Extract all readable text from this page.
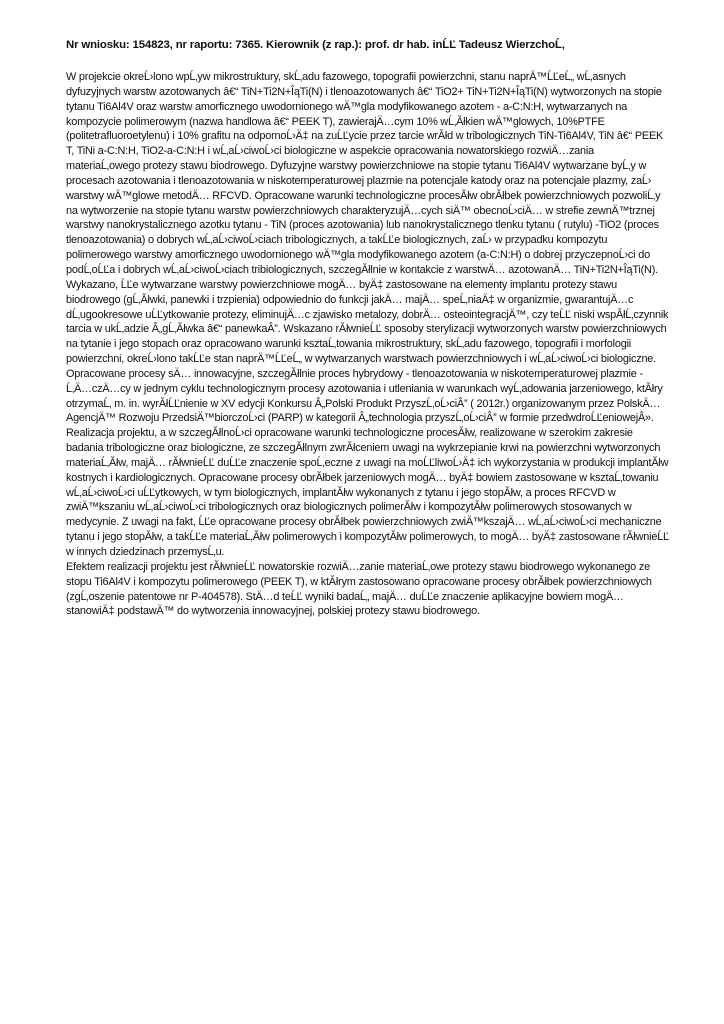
Nr wniosku: 154823, nr raportu: 7365. Kierownik (z rap.): prof. dr hab. inĹĽ Tadeusz WierzchoĹ‚

W projekcie okreĹ›lono wpĹ‚yw mikrostruktury, skĹ‚adu fazowego, topografii powierzchni, stanu naprÄ™ĹĽeĹ„ wĹ‚asnych dyfuzyjnych warstw azotowanych â€“ TiN+Ti2N+ÎąTi(N) i tlenoazotowanych â€“ TiO2+ TiN+Ti2N+ÎąTi(N) wytworzonych na stopie tytanu Ti6Al4V oraz warstw amorficznego uwodornionego wÄ™gla modyfikowanego azotem - a-C:N:H, wytwarzanych na kompozycie polimerowym (nazwa handlowa â€“ PEEK T), zawierajÄ…cym 10% wĹ‚Ăłkien wÄ™glowych, 10%PTFE (politetrafluoroetylenu) i 10% grafitu na odpornoĹ›Ä‡ na zuĹĽycie przez tarcie wrĂłd w tribologicznych TiN-Ti6Al4V, TiN â€“ PEEK T, TiNi a-C:N:H, TiO2-a-C:N:H i wĹ‚aĹ›ciwoĹ›ci biologiczne w aspekcie opracowania nowatorskiego rozwiÄ…zania materiaĹ‚owego protezy stawu biodrowego. Dyfuzyjne warstwy powierzchniowe na stopie tytanu Ti6Al4V wytwarzane byĹ‚y w procesach azotowania i tlenoazotowania w niskotemperaturowej plazmie na potencjale katody oraz na potencjale plazmy, zaĹ› warstwy wÄ™glowe metodÄ… RFCVD. Opracowane warunki technologiczne procesĂłw obrĂłbek powierzchniowych pozwoliĹ‚y na wytworzenie na stopie tytanu warstw powierzchniowych charakteryzujÄ…cych siÄ™ obecnoĹ›ciÄ… w strefie zewnÄ™trznej warstwy nanokrystalicznego azotku tytanu - TiN (proces azotowania) lub nanokrystalicznego tlenku tytanu ( rutylu) -TiO2 (proces tlenoazotowania) o dobrych wĹ‚aĹ›ciwoĹ›ciach tribologicznych, a takĹĽe biologicznych, zaĹ› w przypadku kompozytu polimerowego warstwy amorficznego uwodornionego wÄ™gla modyfikowanego azotem (a-C:N:H) o dobrej przyczepnoĹ›ci do podĹ‚oĹĽa i dobrych wĹ‚aĹ›ciwoĹ›ciach tribiologicznych, szczegĂłlnie w kontakcie z warstwÄ… azotowanÄ… TiN+Ti2N+ÎąTi(N). Wykazano, ĹĽe wytwarzane warstwy powierzchniowe mogÄ… byÄ‡ zastosowane na elementy implantu protezy stawu biodrowego (gĹ‚Ăłwki, panewki i trzpienia) odpowiednio do funkcji jakÄ… majÄ… speĹ‚niaÄ‡ w organizmie, gwarantujÄ…c dĹ‚ugookresowe uĹĽytkowanie protezy, eliminujÄ…c zjawisko metalozy, dobrÄ… osteointegracjÄ™, czy teĹĽ niski wspĂłĹ‚czynnik tarcia w ukĹ‚adzie Â„gĹ‚Ăłwka â€“ panewkaÂ”. Wskazano rĂłwnieĹĽ sposoby sterylizacji wytworzonych warstw powierzchniowych na tytanie i jego stopach oraz opracowano warunki ksztaĹ‚towania mikrostruktury, skĹ‚adu fazowego, topografii i morfologii powierzchni, okreĹ›lono takĹĽe stan naprÄ™ĹĽeĹ„ w wytwarzanych warstwach powierzchniowych i wĹ‚aĹ›ciwoĹ›ci biologiczne. Opracowane procesy sÄ… innowacyjne, szczegĂłlnie proces hybrydowy - tlenoazotowania w niskotemperaturowej plazmie - Ĺ‚Ä…czÄ…cy w jednym cyklu technologicznym procesy azotowania i utleniania w warunkach wyĹ‚adowania jarzeniowego, ktĂłry otrzymaĹ‚ m. in. wyrĂłĹĽnienie w XV edycji Konkursu Â„Polski Produkt PrzyszĹ‚oĹ›ciÂ” ( 2012r.) organizowanym przez PolskÄ… AgencjÄ™ Rozwoju PrzedsiÄ™biorczoĹ›ci (PARP) w kategorii Â„technologia przyszĹ‚oĹ›ciÂ” w formie przedwdroĹĽeniowejÂ». Realizacja projektu, a w szczegĂłlnoĹ›ci opracowane warunki technologiczne procesĂłw, realizowane w szerokim zakresie badania tribologiczne oraz biologiczne, ze szczegĂłlnym zwrĂłceniem uwagi na wykrzepianie krwi na powierzchni wytworzonych materiaĹ‚Ăłw, majÄ… rĂłwnieĹĽ duĹĽe znaczenie spoĹ‚eczne z uwagi na moĹĽliwoĹ›Ä‡ ich wykorzystania w produkcji implantĂłw kostnych i kardiologicznych. Opracowane procesy obrĂłbek jarzeniowych mogÄ… byÄ‡ bowiem zastosowane w ksztaĹ‚towaniu wĹ‚aĹ›ciwoĹ›ci uĹĽytkowych, w tym biologicznych, implantĂłw wykonanych z tytanu i jego stopĂłw, a proces RFCVD w zwiÄ™kszaniu wĹ‚aĹ›ciwoĹ›ci tribologicznych oraz biologicznych polimerĂłw i kompozytĂłw polimerowych stosowanych w medycynie. Z uwagi na fakt, ĹĽe opracowane procesy obrĂłbek powierzchniowych zwiÄ™kszajÄ… wĹ‚aĹ›ciwoĹ›ci mechaniczne tytanu i jego stopĂłw, a takĹĽe materiaĹ‚Ăłw polimerowych i kompozytĂłw polimerowych, to mogÄ… byÄ‡ zastosowane rĂłwnieĹĽ w innych dziedzinach przemysĹ‚u.

Efektem realizacji projektu jest rĂłwnieĹĽ nowatorskie rozwiÄ…zanie materiaĹ‚owe protezy stawu biodrowego wykonanego ze stopu Ti6Al4V i kompozytu polimerowego (PEEK T), w ktĂłrym zastosowano opracowane procesy obrĂłbek powierzchniowych (zgĹ‚oszenie patentowe nr P-404578). StÄ…d teĹĽ wyniki badaĹ„ majÄ… duĹĽe znaczenie aplikacyjne bowiem mogÄ… stanowiÄ‡ podstawÄ™ do wytworzenia innowacyjnej, polskiej protezy stawu biodrowego.
